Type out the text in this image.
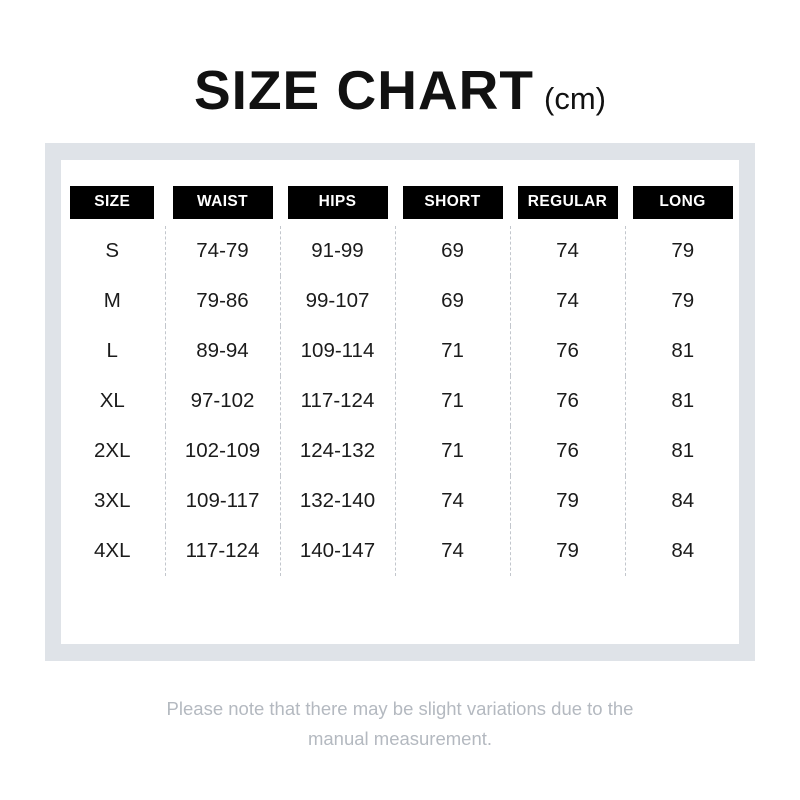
SIZE CHART (cm)
SIZE	WAIST	HIPS	SHORT	REGULAR	LONG
S	74-79	91-99	69	74	79
M	79-86	99-107	69	74	79
L	89-94	109-114	71	76	81
XL	97-102	117-124	71	76	81
2XL	102-109	124-132	71	76	81
3XL	109-117	132-140	74	79	84
4XL	117-124	140-147	74	79	84
Please note that there may be slight variations due to the
manual measurement.
